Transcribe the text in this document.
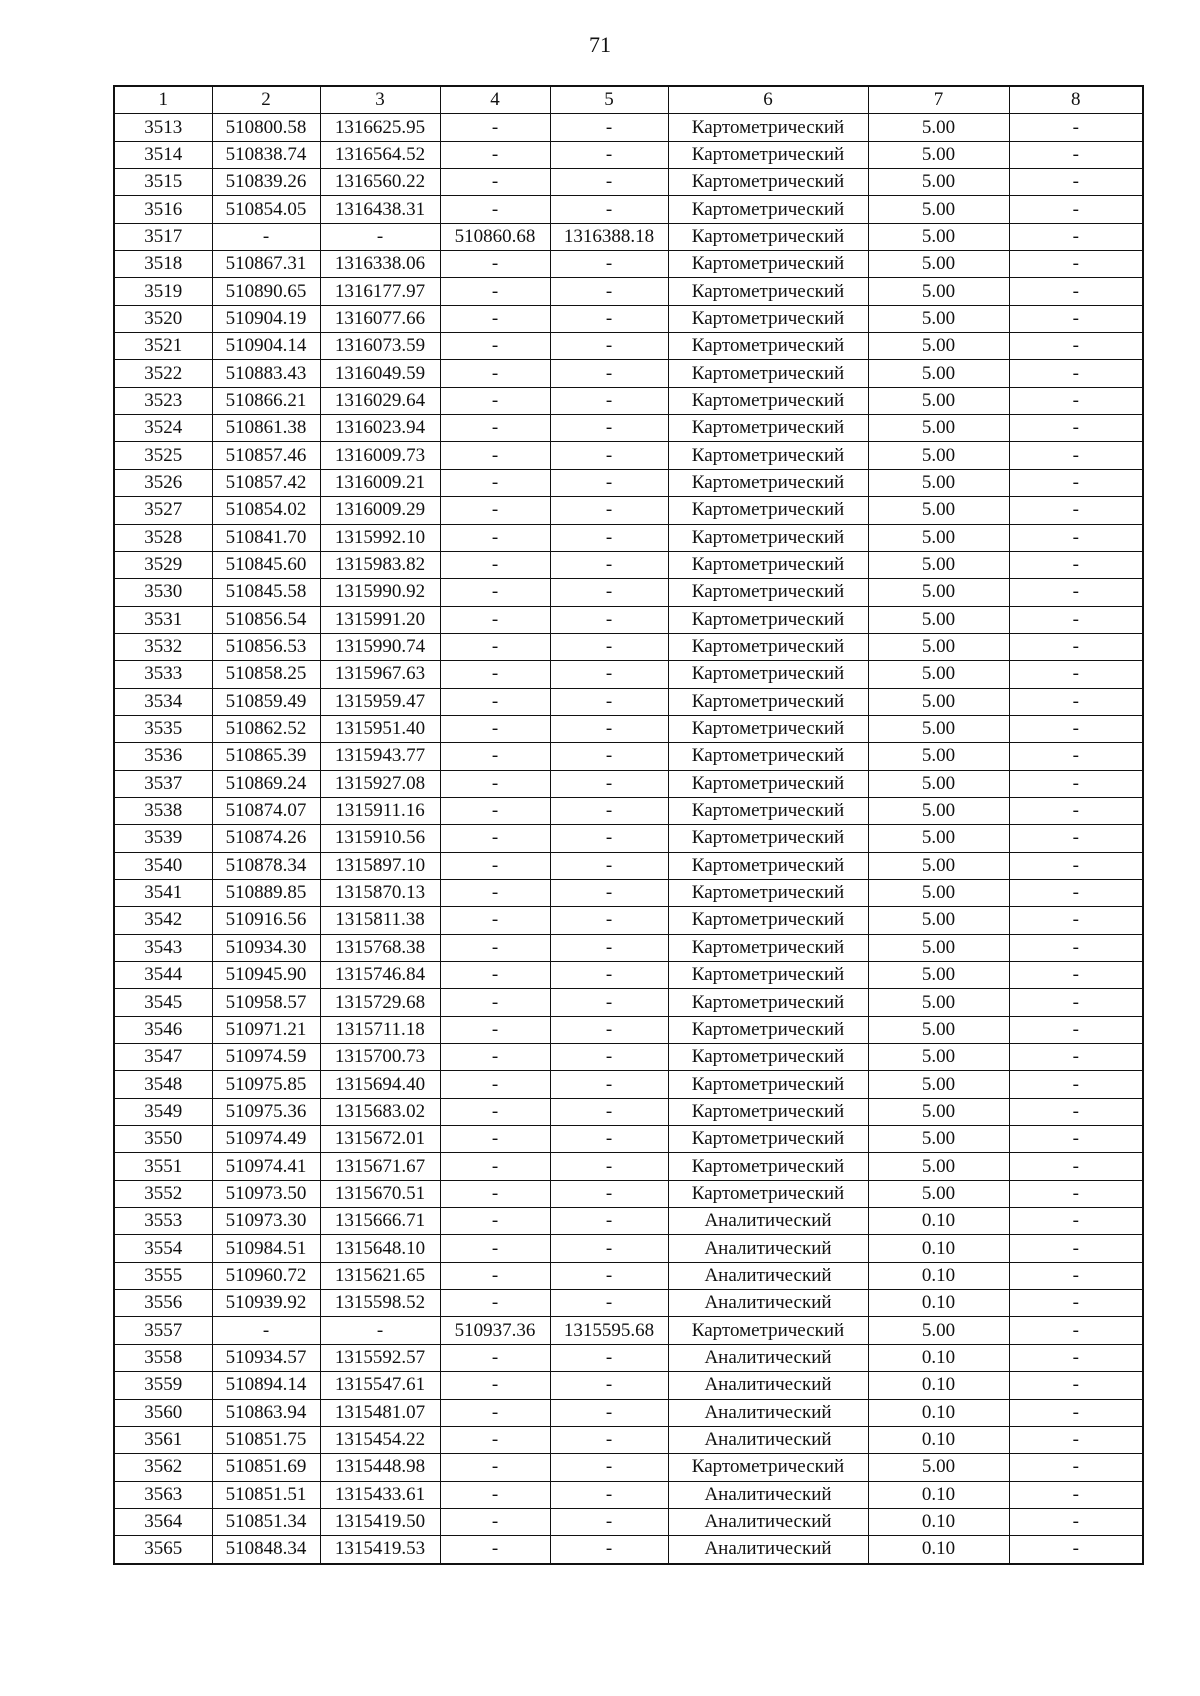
71
1	2	3	4	5	6	7	8
3513	510800.58	1316625.95	-	-	Картометрический	5.00	-
3514	510838.74	1316564.52	-	-	Картометрический	5.00	-
3515	510839.26	1316560.22	-	-	Картометрический	5.00	-
3516	510854.05	1316438.31	-	-	Картометрический	5.00	-
3517	-	-	510860.68	1316388.18	Картометрический	5.00	-
3518	510867.31	1316338.06	-	-	Картометрический	5.00	-
3519	510890.65	1316177.97	-	-	Картометрический	5.00	-
3520	510904.19	1316077.66	-	-	Картометрический	5.00	-
3521	510904.14	1316073.59	-	-	Картометрический	5.00	-
3522	510883.43	1316049.59	-	-	Картометрический	5.00	-
3523	510866.21	1316029.64	-	-	Картометрический	5.00	-
3524	510861.38	1316023.94	-	-	Картометрический	5.00	-
3525	510857.46	1316009.73	-	-	Картометрический	5.00	-
3526	510857.42	1316009.21	-	-	Картометрический	5.00	-
3527	510854.02	1316009.29	-	-	Картометрический	5.00	-
3528	510841.70	1315992.10	-	-	Картометрический	5.00	-
3529	510845.60	1315983.82	-	-	Картометрический	5.00	-
3530	510845.58	1315990.92	-	-	Картометрический	5.00	-
3531	510856.54	1315991.20	-	-	Картометрический	5.00	-
3532	510856.53	1315990.74	-	-	Картометрический	5.00	-
3533	510858.25	1315967.63	-	-	Картометрический	5.00	-
3534	510859.49	1315959.47	-	-	Картометрический	5.00	-
3535	510862.52	1315951.40	-	-	Картометрический	5.00	-
3536	510865.39	1315943.77	-	-	Картометрический	5.00	-
3537	510869.24	1315927.08	-	-	Картометрический	5.00	-
3538	510874.07	1315911.16	-	-	Картометрический	5.00	-
3539	510874.26	1315910.56	-	-	Картометрический	5.00	-
3540	510878.34	1315897.10	-	-	Картометрический	5.00	-
3541	510889.85	1315870.13	-	-	Картометрический	5.00	-
3542	510916.56	1315811.38	-	-	Картометрический	5.00	-
3543	510934.30	1315768.38	-	-	Картометрический	5.00	-
3544	510945.90	1315746.84	-	-	Картометрический	5.00	-
3545	510958.57	1315729.68	-	-	Картометрический	5.00	-
3546	510971.21	1315711.18	-	-	Картометрический	5.00	-
3547	510974.59	1315700.73	-	-	Картометрический	5.00	-
3548	510975.85	1315694.40	-	-	Картометрический	5.00	-
3549	510975.36	1315683.02	-	-	Картометрический	5.00	-
3550	510974.49	1315672.01	-	-	Картометрический	5.00	-
3551	510974.41	1315671.67	-	-	Картометрический	5.00	-
3552	510973.50	1315670.51	-	-	Картометрический	5.00	-
3553	510973.30	1315666.71	-	-	Аналитический	0.10	-
3554	510984.51	1315648.10	-	-	Аналитический	0.10	-
3555	510960.72	1315621.65	-	-	Аналитический	0.10	-
3556	510939.92	1315598.52	-	-	Аналитический	0.10	-
3557	-	-	510937.36	1315595.68	Картометрический	5.00	-
3558	510934.57	1315592.57	-	-	Аналитический	0.10	-
3559	510894.14	1315547.61	-	-	Аналитический	0.10	-
3560	510863.94	1315481.07	-	-	Аналитический	0.10	-
3561	510851.75	1315454.22	-	-	Аналитический	0.10	-
3562	510851.69	1315448.98	-	-	Картометрический	5.00	-
3563	510851.51	1315433.61	-	-	Аналитический	0.10	-
3564	510851.34	1315419.50	-	-	Аналитический	0.10	-
3565	510848.34	1315419.53	-	-	Аналитический	0.10	-
